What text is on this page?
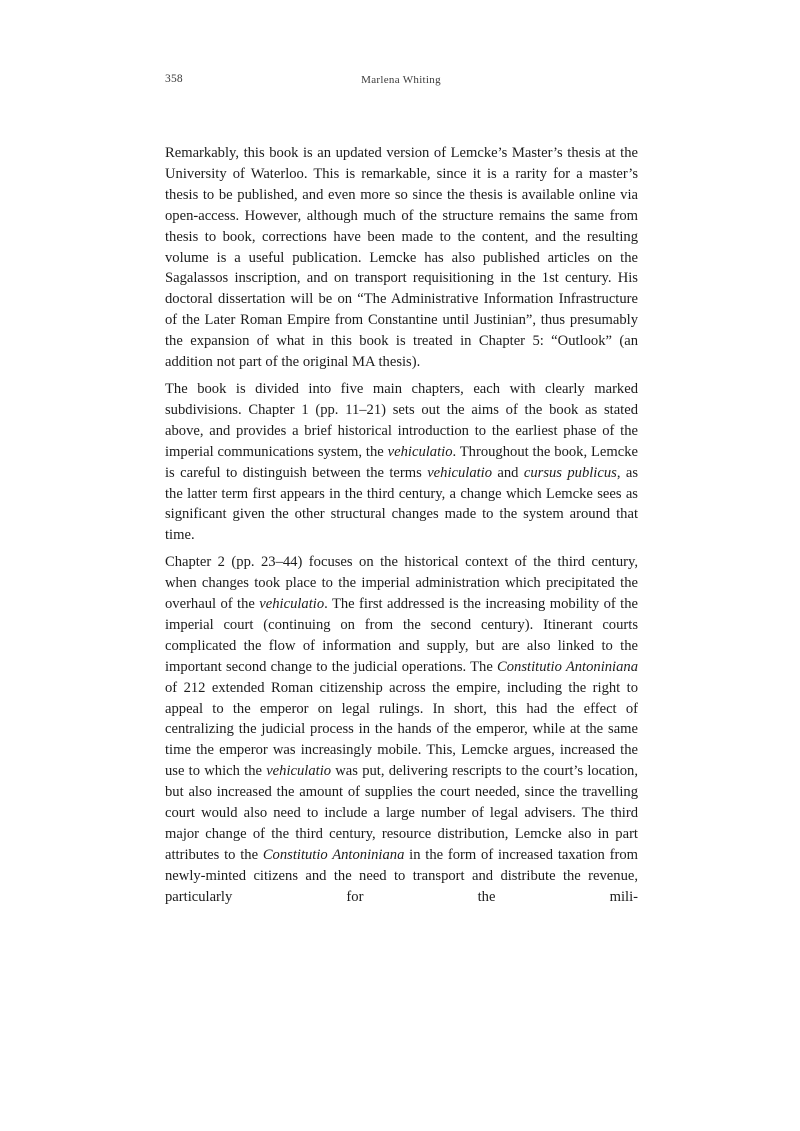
358	Marlena Whiting

Remarkably, this book is an updated version of Lemcke’s Master’s thesis at the University of Waterloo. This is remarkable, since it is a rarity for a master’s thesis to be published, and even more so since the thesis is available online via open-access. However, although much of the structure remains the same from thesis to book, corrections have been made to the content, and the resulting volume is a useful publication. Lemcke has also published articles on the Sagalassos inscription, and on transport requisitioning in the 1st century. His doctoral dissertation will be on “The Administrative Information Infrastructure of the Later Roman Empire from Constantine until Justinian”, thus presumably the expansion of what in this book is treated in Chapter 5: “Outlook” (an addition not part of the original MA thesis).

The book is divided into five main chapters, each with clearly marked subdivisions. Chapter 1 (pp. 11–21) sets out the aims of the book as stated above, and provides a brief historical introduction to the earliest phase of the imperial communications system, the vehiculatio. Throughout the book, Lemcke is careful to distinguish between the terms vehiculatio and cursus publicus, as the latter term first appears in the third century, a change which Lemcke sees as significant given the other structural changes made to the system around that time.

Chapter 2 (pp. 23–44) focuses on the historical context of the third century, when changes took place to the imperial administration which precipitated the overhaul of the vehiculatio. The first addressed is the increasing mobility of the imperial court (continuing on from the second century). Itinerant courts complicated the flow of information and supply, but are also linked to the important second change to the judicial operations. The Constitutio Antoniniana of 212 extended Roman citizenship across the empire, including the right to appeal to the emperor on legal rulings. In short, this had the effect of centralizing the judicial process in the hands of the emperor, while at the same time the emperor was increasingly mobile. This, Lemcke argues, increased the use to which the vehiculatio was put, delivering rescripts to the court’s location, but also increased the amount of supplies the court needed, since the travelling court would also need to include a large number of legal advisers. The third major change of the third century, resource distribution, Lemcke also in part attributes to the Constitutio Antoniniana in the form of increased taxation from newly-minted citizens and the need to transport and distribute the revenue, particularly for the mili-
